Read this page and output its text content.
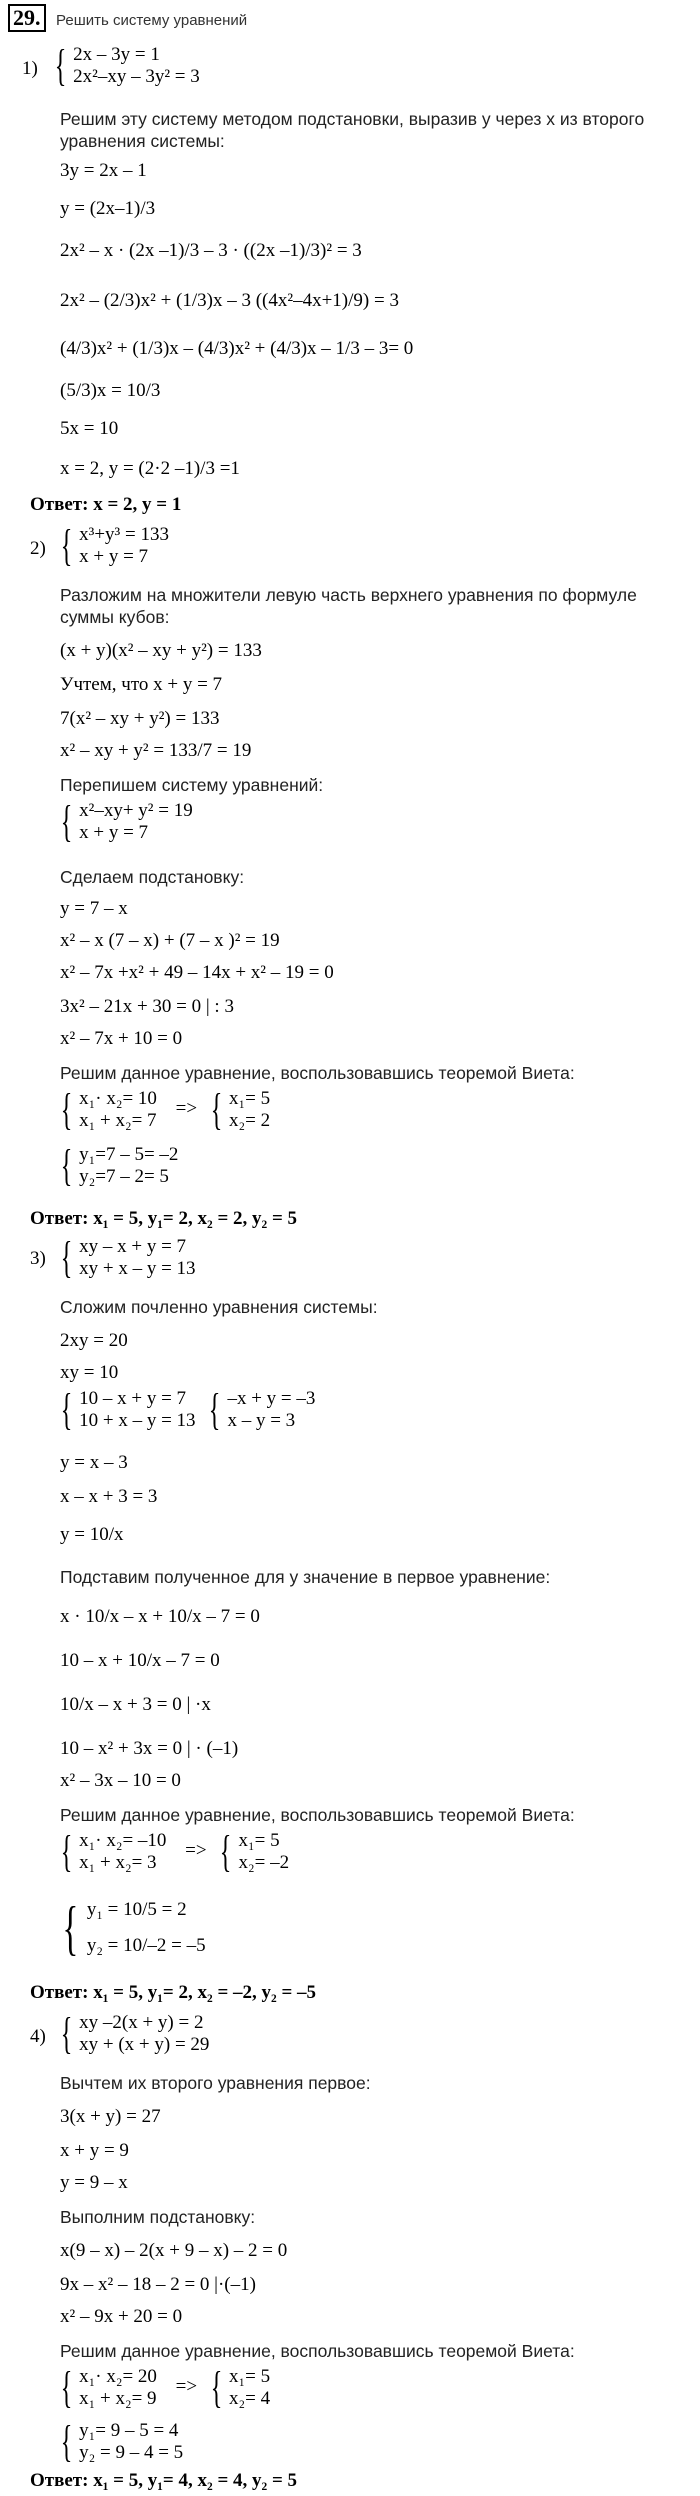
29.	Решить систему уравнений
1) { 2x – 3y = 1
2x²–xy – 3y² = 3
Решим эту систему методом подстановки, выразив y через x из второго
уравнения системы:
3y = 2x – 1
y = (2x–1)/3
2x² – x · (2x –1)/3 – 3 · ((2x –1)/3)² = 3
2x² – (2/3)x² + (1/3)x – 3 ((4x²–4x+1)/9) = 3
(4/3)x² + (1/3)x – (4/3)x² + (4/3)x – 1/3 – 3= 0
(5/3)x = 10/3
5x = 10
x = 2, y = (2·2 –1)/3 =1
Ответ: x = 2, y = 1
2) { x³+y³ = 133
x + y = 7
Разложим на множители левую часть верхнего уравнения по формуле
суммы кубов:
(x + y)(x² – xy + y²) = 133
Учтем, что x + y = 7
7(x² – xy + y²) = 133
x² – xy + y² = 133/7 = 19
Перепишем систему уравнений:
{ x²–xy+ y² = 19
x + y = 7
Сделаем подстановку:
y = 7 – x
x² – x (7 – x) + (7 – x )² = 19
x² – 7x +x² + 49 – 14x + x² – 19 = 0
3x² – 21x + 30 = 0 | : 3
x² – 7x + 10 = 0
Решим данное уравнение, воспользовавшись теоремой Виета:
{ x₁· x₂= 10
x₁ + x₂= 7
=> { x₁= 5
x₂= 2
{ y₁=7 – 5= –2
y₂=7 – 2= 5
Ответ: x₁ = 5, y₁= 2, x₂ = 2, y₂ = 5
3) { xy – x + y = 7
xy + x – y = 13
Сложим почленно уравнения системы:
2xy = 20
xy = 10
{ 10 – x + y = 7
10 + x – y = 13
{ –x + y = –3
x – y = 3
y = x – 3
x – x + 3 = 3
y = 10/x
Подставим полученное для y значение в первое уравнение:
x · 10/x – x + 10/x – 7 = 0
10 – x + 10/x – 7 = 0
10/x – x + 3 = 0 | ·x
10 – x² + 3x = 0 | · (–1)
x² – 3x – 10 = 0
Решим данное уравнение, воспользовавшись теоремой Виета:
{ x₁· x₂= –10
x₁ + x₂= 3
=> { x₁= 5
x₂= –2
{ y₁ = 10/5 = 2
y₂ = 10/–2 = –5
Ответ: x₁ = 5, y₁= 2, x₂ = –2, y₂ = –5
4) { xy –2(x + y) = 2
xy + (x + y) = 29
Вычтем их второго уравнения первое:
3(x + y) = 27
x + y = 9
y = 9 – x
Выполним подстановку:
x(9 – x) – 2(x + 9 – x) – 2 = 0
9x – x² – 18 – 2 = 0 |·(–1)
x² – 9x + 20 = 0
Решим данное уравнение, воспользовавшись теоремой Виета:
{ x₁· x₂= 20
x₁ + x₂= 9
=> { x₁= 5
x₂= 4
{ y₁= 9 – 5 = 4
y₂ = 9 – 4 = 5
Ответ: x₁ = 5, y₁= 4, x₂ = 4, y₂ = 5
